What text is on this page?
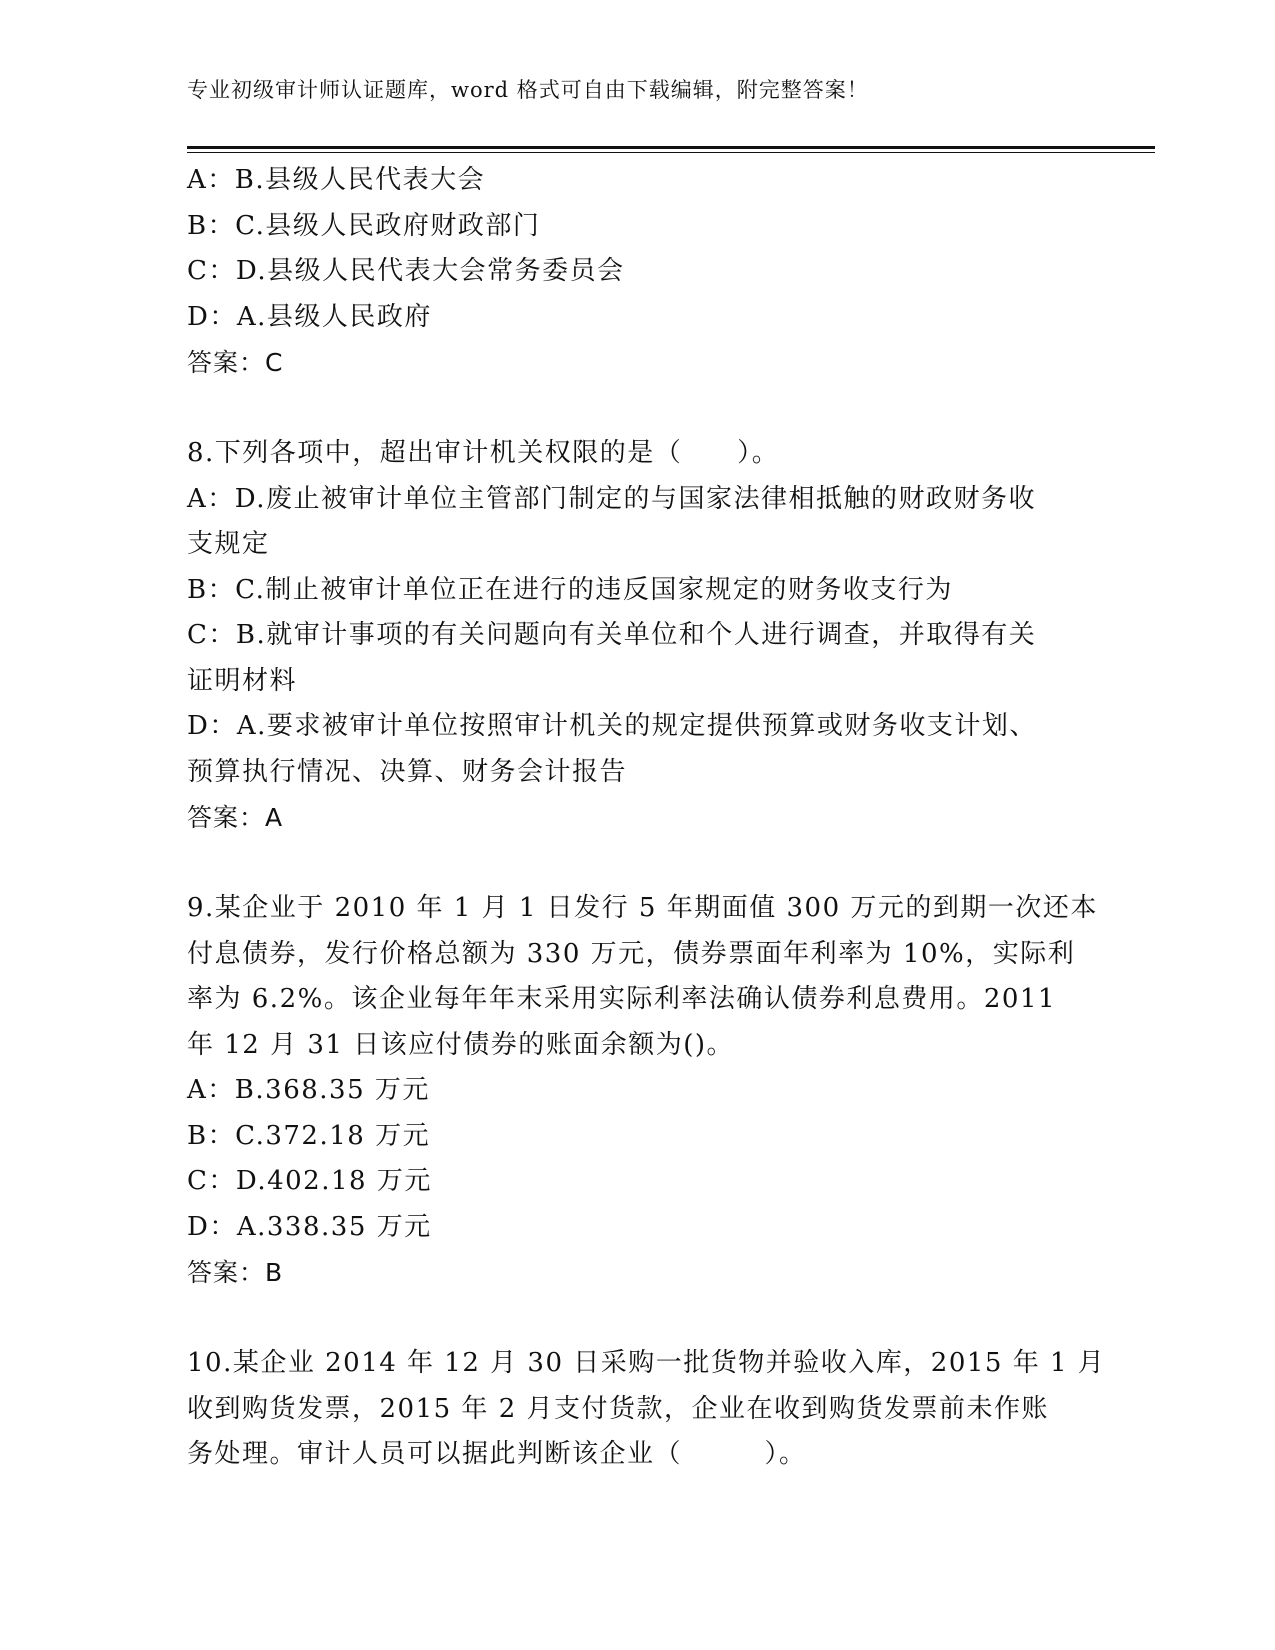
专业初级审计师认证题库，word 格式可自由下载编辑，附完整答案！
A：B.县级人民代表大会
B：C.县级人民政府财政部门
C：D.县级人民代表大会常务委员会
D：A.县级人民政府
答案：C
8.下列各项中，超出审计机关权限的是（　　）。
A：D.废止被审计单位主管部门制定的与国家法律相抵触的财政财务收
支规定
B：C.制止被审计单位正在进行的违反国家规定的财务收支行为
C：B.就审计事项的有关问题向有关单位和个人进行调查，并取得有关
证明材料
D：A.要求被审计单位按照审计机关的规定提供预算或财务收支计划、
预算执行情况、决算、财务会计报告
答案：A
9.某企业于 2010 年 1 月 1 日发行 5 年期面值 300 万元的到期一次还本
付息债券，发行价格总额为 330 万元，债券票面年利率为 10%，实际利
率为 6.2%。该企业每年年末采用实际利率法确认债券利息费用。2011
年 12 月 31 日该应付债券的账面余额为()。
A：B.368.35 万元
B：C.372.18 万元
C：D.402.18 万元
D：A.338.35 万元
答案：B
10.某企业 2014 年 12 月 30 日采购一批货物并验收入库，2015 年 1 月
收到购货发票，2015 年 2 月支付货款，企业在收到购货发票前未作账
务处理。审计人员可以据此判断该企业（　　　）。
